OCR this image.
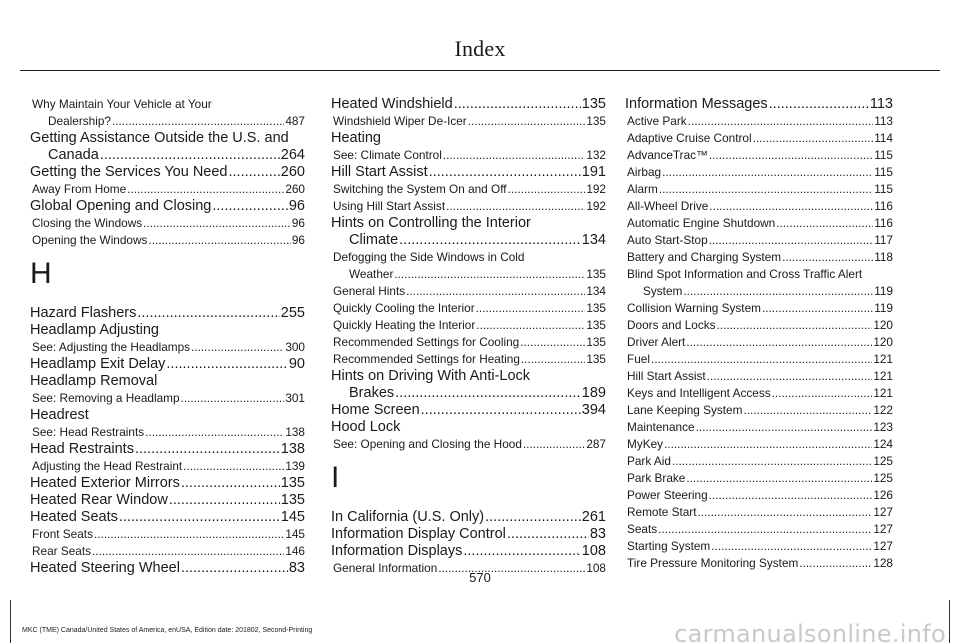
Index
Why Maintain Your Vehicle at Your
Dealership? .....	487
Getting Assistance Outside the U.S. and
Canada .....	264
Getting the Services You Need .....	260
Away From Home .....	260
Global Opening and Closing .....	96
Closing the Windows .....	96
Opening the Windows .....	96
H
Hazard Flashers .....	255
Headlamp Adjusting
See: Adjusting the Headlamps .....	300
Headlamp Exit Delay .....	90
Headlamp Removal
See: Removing a Headlamp .....	301
Headrest
See: Head Restraints .....	138
Head Restraints .....	138
Adjusting the Head Restraint .....	139
Heated Exterior Mirrors .....	135
Heated Rear Window .....	135
Heated Seats .....	145
Front Seats .....	145
Rear Seats .....	146
Heated Steering Wheel .....	83
Heated Windshield .....	135
Windshield Wiper De-Icer .....	135
Heating
See: Climate Control .....	132
Hill Start Assist .....	191
Switching the System On and Off .....	192
Using Hill Start Assist .....	192
Hints on Controlling the Interior
Climate .....	134
Defogging the Side Windows in Cold
Weather .....	135
General Hints .....	134
Quickly Cooling the Interior .....	135
Quickly Heating the Interior .....	135
Recommended Settings for Cooling .....	135
Recommended Settings for Heating .....	135
Hints on Driving With Anti-Lock
Brakes .....	189
Home Screen .....	394
Hood Lock
See: Opening and Closing the Hood .....	287
I
In California (U.S. Only) .....	261
Information Display Control .....	83
Information Displays .....	108
General Information .....	108
Information Messages .....	113
Active Park .....	113
Adaptive Cruise Control .....	114
AdvanceTrac™ .....	115
Airbag .....	115
Alarm .....	115
All-Wheel Drive .....	116
Automatic Engine Shutdown .....	116
Auto Start-Stop .....	117
Battery and Charging System .....	118
Blind Spot Information and Cross Traffic Alert
System .....	119
Collision Warning System .....	119
Doors and Locks .....	120
Driver Alert .....	120
Fuel .....	121
Hill Start Assist .....	121
Keys and Intelligent Access .....	121
Lane Keeping System .....	122
Maintenance .....	123
MyKey .....	124
Park Aid .....	125
Park Brake .....	125
Power Steering .....	126
Remote Start .....	127
Seats .....	127
Starting System .....	127
Tire Pressure Monitoring System .....	128
570
MKC (TME) Canada/United States of America, enUSA, Edition date: 201802, Second-Printing	carmanualsonline.info
